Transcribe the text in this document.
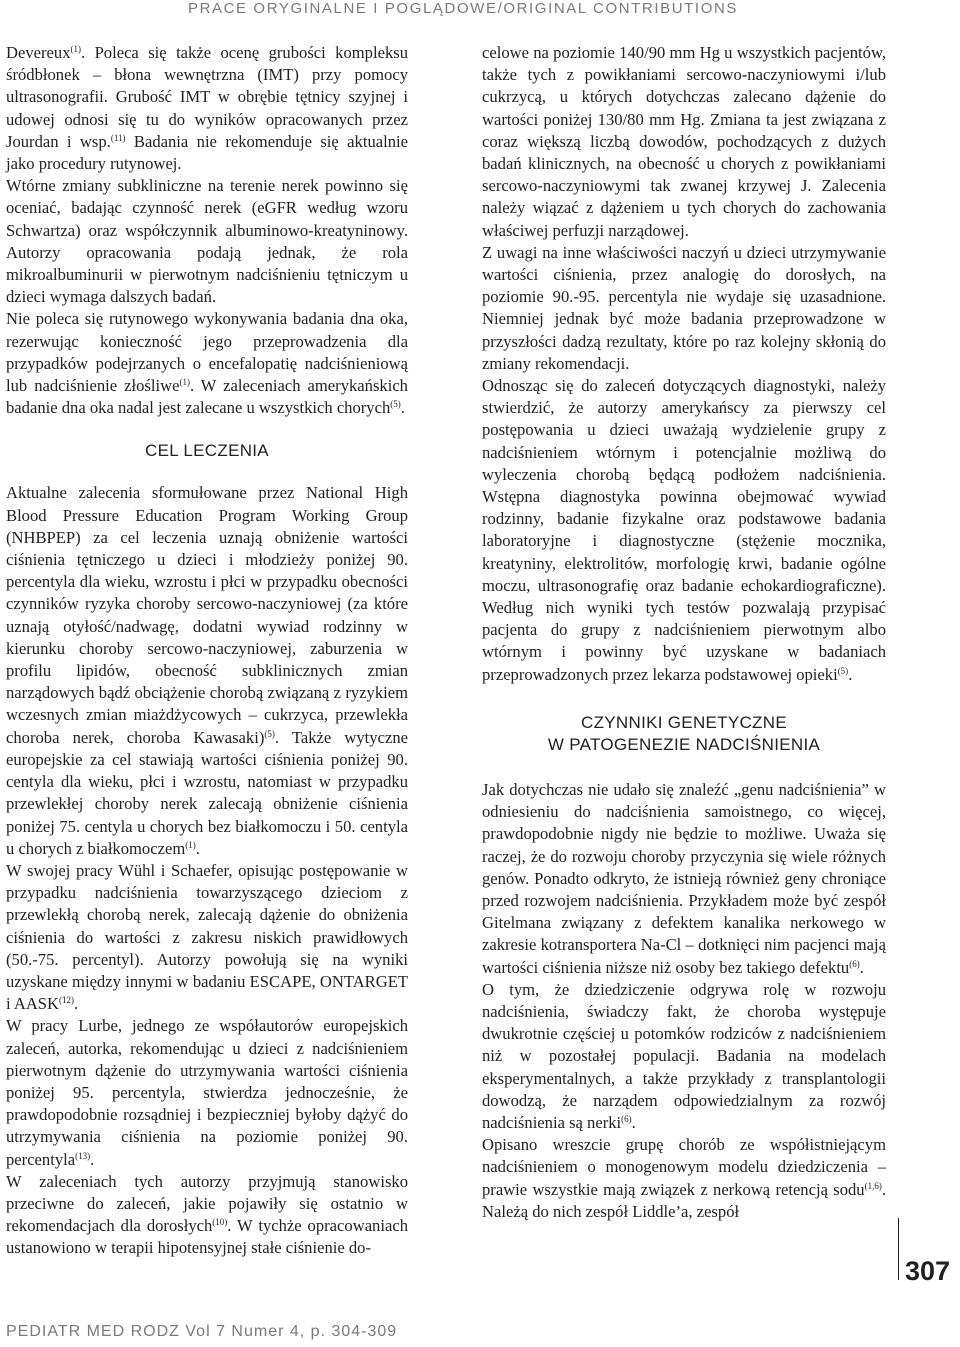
PRACE ORYGINALNE I POGLĄDOWE/ORIGINAL CONTRIBUTIONS

Devereux$^{(1)}$. Poleca się także ocenę grubości kompleksu śródbłonek – błona wewnętrzna (IMT) przy pomocy ultrasonografii. Grubość IMT w obrębie tętnicy szyjnej i udowej odnosi się tu do wyników opracowanych przez Jourdan i wsp.$^{(11)}$ Badania nie rekomenduje się aktualnie jako procedury rutynowej.

Wtórne zmiany subkliniczne na terenie nerek powinno się oceniać, badając czynność nerek (eGFR według wzoru Schwartza) oraz współczynnik albuminowo-kreatyninowy. Autorzy opracowania podają jednak, że rola mikroalbuminurii w pierwotnym nadciśnieniu tętniczym u dzieci wymaga dalszych badań.

Nie poleca się rutynowego wykonywania badania dna oka, rezerwując konieczność jego przeprowadzenia dla przypadków podejrzanych o encefalopatię nadciśnieniową lub nadciśnienie złośliwe$^{(1)}$. W zaleceniach amerykańskich badanie dna oka nadal jest zalecane u wszystkich chorych$^{(5)}$.

CEL LECZENIA

Aktualne zalecenia sformułowane przez National High Blood Pressure Education Program Working Group (NHBPEP) za cel leczenia uznają obniżenie wartości ciśnienia tętniczego u dzieci i młodzieży poniżej 90. percentyla dla wieku, wzrostu i płci w przypadku obecności czynników ryzyka choroby sercowo-naczyniowej (za które uznają otyłość/nadwagę, dodatni wywiad rodzinny w kierunku choroby sercowo-naczyniowej, zaburzenia w profilu lipidów, obecność subklinicznych zmian narządowych bądź obciążenie chorobą związaną z ryzykiem wczesnych zmian miażdżycowych – cukrzyca, przewlekła choroba nerek, choroba Kawasaki)$^{(5)}$. Także wytyczne europejskie za cel stawiają wartości ciśnienia poniżej 90. centyla dla wieku, płci i wzrostu, natomiast w przypadku przewlekłej choroby nerek zalecają obniżenie ciśnienia poniżej 75. centyla u chorych bez białkomoczu i 50. centyla u chorych z białkomoczem$^{(1)}$.

W swojej pracy Wühl i Schaefer, opisując postępowanie w przypadku nadciśnienia towarzyszącego dzieciom z przewlekłą chorobą nerek, zalecają dążenie do obniżenia ciśnienia do wartości z zakresu niskich prawidłowych (50.-75. percentyl). Autorzy powołują się na wyniki uzyskane między innymi w badaniu ESCAPE, ONTARGET i AASK$^{(12)}$.

W pracy Lurbe, jednego ze współautorów europejskich zaleceń, autorka, rekomendując u dzieci z nadciśnieniem pierwotnym dążenie do utrzymywania wartości ciśnienia poniżej 95. percentyla, stwierdza jednocześnie, że prawdopodobnie rozsądniej i bezpieczniej byłoby dążyć do utrzymywania ciśnienia na poziomie poniżej 90. percentyla$^{(13)}$.

W zaleceniach tych autorzy przyjmują stanowisko przeciwne do zaleceń, jakie pojawiły się ostatnio w rekomendacjach dla dorosłych$^{(10)}$. W tychże opracowaniach ustanowiono w terapii hipotensyjnej stałe ciśnienie do-

celowe na poziomie 140/90 mm Hg u wszystkich pacjentów, także tych z powikłaniami sercowo-naczyniowymi i/lub cukrzycą, u których dotychczas zalecano dążenie do wartości poniżej 130/80 mm Hg. Zmiana ta jest związana z coraz większą liczbą dowodów, pochodzących z dużych badań klinicznych, na obecność u chorych z powikłaniami sercowo-naczyniowymi tak zwanej krzywej J. Zalecenia należy wiązać z dążeniem u tych chorych do zachowania właściwej perfuzji narządowej.

Z uwagi na inne właściwości naczyń u dzieci utrzymywanie wartości ciśnienia, przez analogię do dorosłych, na poziomie 90.-95. percentyla nie wydaje się uzasadnione. Niemniej jednak być może badania przeprowadzone w przyszłości dadzą rezultaty, które po raz kolejny skłonią do zmiany rekomendacji.

Odnosząc się do zaleceń dotyczących diagnostyki, należy stwierdzić, że autorzy amerykańscy za pierwszy cel postępowania u dzieci uważają wydzielenie grupy z nadciśnieniem wtórnym i potencjalnie możliwą do wyleczenia chorobą będącą podłożem nadciśnienia. Wstępna diagnostyka powinna obejmować wywiad rodzinny, badanie fizykalne oraz podstawowe badania laboratoryjne i diagnostyczne (stężenie mocznika, kreatyniny, elektrolitów, morfologię krwi, badanie ogólne moczu, ultrasonografię oraz badanie echokardiograficzne). Według nich wyniki tych testów pozwalają przypisać pacjenta do grupy z nadciśnieniem pierwotnym albo wtórnym i powinny być uzyskane w badaniach przeprowadzonych przez lekarza podstawowej opieki$^{(5)}$.

CZYNNIKI GENETYCZNE
W PATOGENEZIE NADCIŚNIENIA

Jak dotychczas nie udało się znaleźć „genu nadciśnienia” w odniesieniu do nadciśnienia samoistnego, co więcej, prawdopodobnie nigdy nie będzie to możliwe. Uważa się raczej, że do rozwoju choroby przyczynia się wiele różnych genów. Ponadto odkryto, że istnieją również geny chroniące przed rozwojem nadciśnienia. Przykładem może być zespół Gitelmana związany z defektem kanalika nerkowego w zakresie kotransportera Na-Cl – dotknięci nim pacjenci mają wartości ciśnienia niższe niż osoby bez takiego defektu$^{(6)}$.

O tym, że dziedziczenie odgrywa rolę w rozwoju nadciśnienia, świadczy fakt, że choroba występuje dwukrotnie częściej u potomków rodziców z nadciśnieniem niż w pozostałej populacji. Badania na modelach eksperymentalnych, a także przykłady z transplantologii dowodzą, że narządem odpowiedzialnym za rozwój nadciśnienia są nerki$^{(6)}$.

Opisano wreszcie grupę chorób ze współistniejącym nadciśnieniem o monogenowym modelu dziedziczenia – prawie wszystkie mają związek z nerkową retencją sodu$^{(1,6)}$. Należą do nich zespół Liddle’a, zespół

307
PEDIATR MED RODZ Vol 7 Numer 4, p. 304-309
